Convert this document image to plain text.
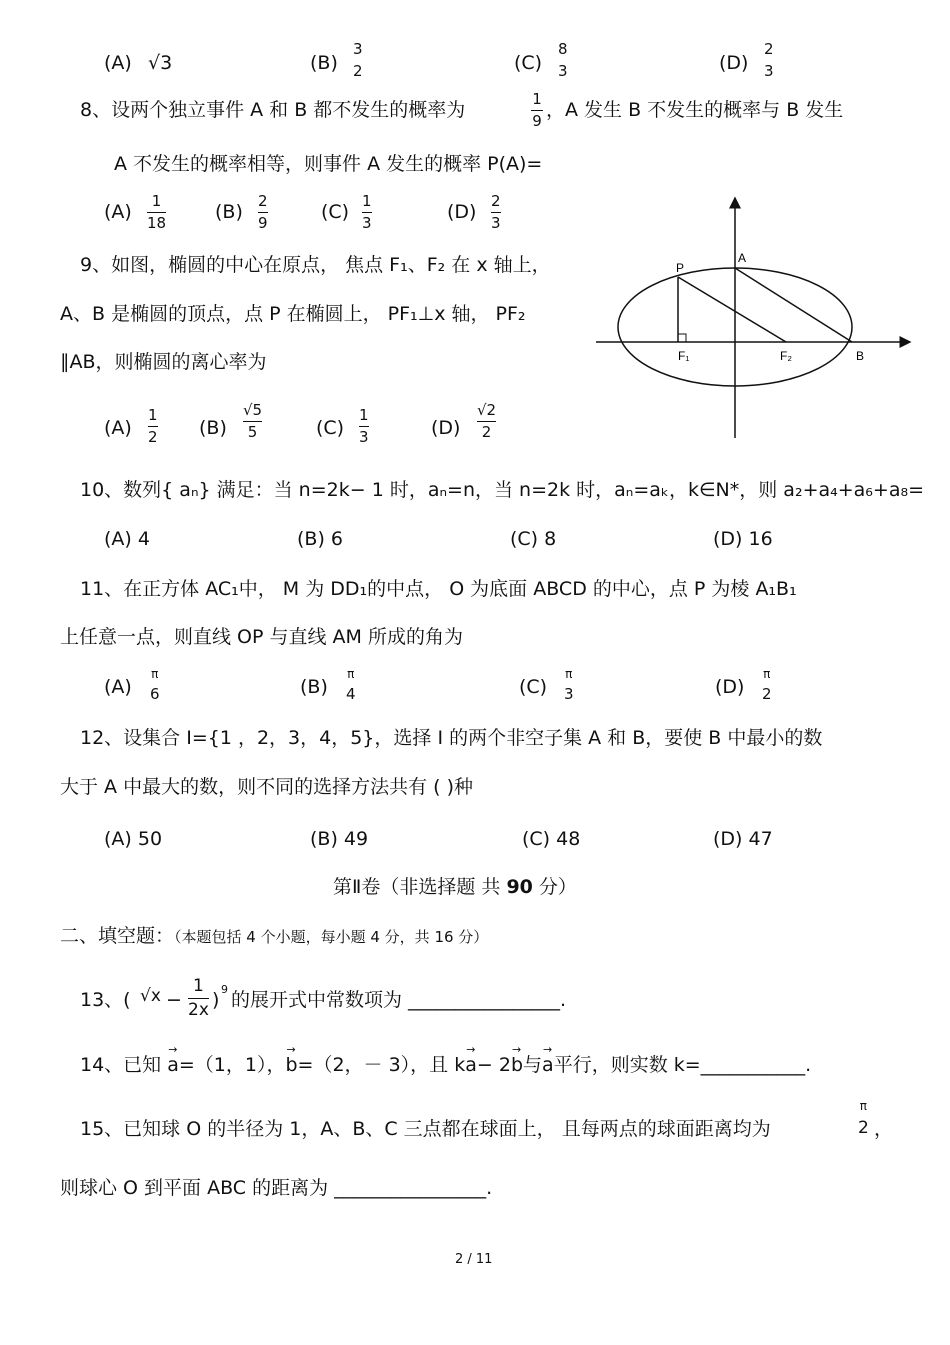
(A) √3	(B)
3
2	(C)
8
3	(D)
2
3
8、设两个独立事件 A 和 B 都不发生的概率为	1
9 ，A 发生 B 不发生的概率与 B 发生
A 不发生的概率相等，则事件 A 发生的概率 P(A)=
(A) 1
18	(B) 2
9	(C) 1
3	(D) 2
3
9、如图，椭圆的中心在原点， 焦点 F₁、F₂ 在 x 轴上，
A、B 是椭圆的顶点，点 P 在椭圆上， PF₁⊥x 轴， PF₂
∥AB，则椭圆的离心率为
(A)
1
2 (B)
√5
5	(C)
1
3	(D)
√2
2
P
A
F₁	F₂	B
10、数列{ aₙ} 满足：当 n=2k− 1 时，aₙ=n，当 n=2k 时，aₙ=aₖ，k∈N*，则 a₂+a₄+a₆+a₈=
(A) 4	(B) 6	(C) 8	(D) 16
11、在正方体 AC₁中， M 为 DD₁的中点， O 为底面 ABCD 的中心，点 P 为棱 A₁B₁
上任意一点，则直线 OP 与直线 AM 所成的角为
(A)
π
6	(B)
π
4	(C)
π
3	(D)
π
2
12、设集合 I={1 ，2，3，4，5}，选择 I 的两个非空子集 A 和 B，要使 B 中最小的数
大于 A 中最大的数，则不同的选择方法共有 ( )种
(A) 50	(B) 49	(C) 48	(D) 47
第Ⅱ卷（非选择题 共 90 分）
二、填空题：（本题包括 4 个小题，每小题 4 分，共 16 分）
13、( √x −
1
2x ) 9 的展开式中常数项为 ________________.
14、已知 → a=（1，1），→ b=（2，－ 3），且 k→ a− 2→ b与→ a平行，则实数 k=___________.
15、已知球 O 的半径为 1，A、B、C 三点都在球面上， 且每两点的球面距离均为
π
2 ，
则球心 O 到平面 ABC 的距离为 ________________.
2 / 11
